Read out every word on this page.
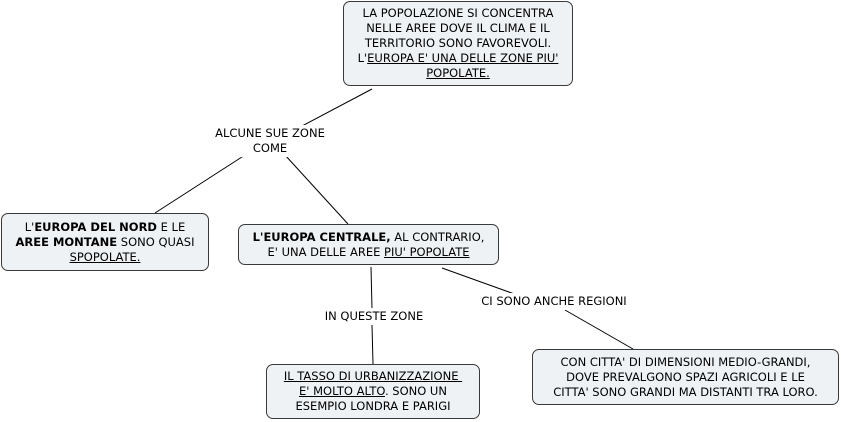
LA POPOLAZIONE SI CONCENTRA
NELLE AREE DOVE IL CLIMA E IL
TERRITORIO SONO FAVOREVOLI.
L'EUROPA E' UNA DELLE ZONE PIU'
POPOLATE.
ALCUNE SUE ZONE
COME
L'EUROPA DEL NORD E LE
AREE MONTANE SONO QUASI
SPOPOLATE.
L'EUROPA CENTRALE, AL CONTRARIO,
E' UNA DELLE AREE PIU' POPOLATE
IN QUESTE ZONE
CI SONO ANCHE REGIONI
IL TASSO DI URBANIZZAZIONE
E' MOLTO ALTO. SONO UN
ESEMPIO LONDRA E PARIGI
CON CITTA' DI DIMENSIONI MEDIO-GRANDI,
DOVE PREVALGONO SPAZI AGRICOLI E LE
CITTA' SONO GRANDI MA DISTANTI TRA LORO.
